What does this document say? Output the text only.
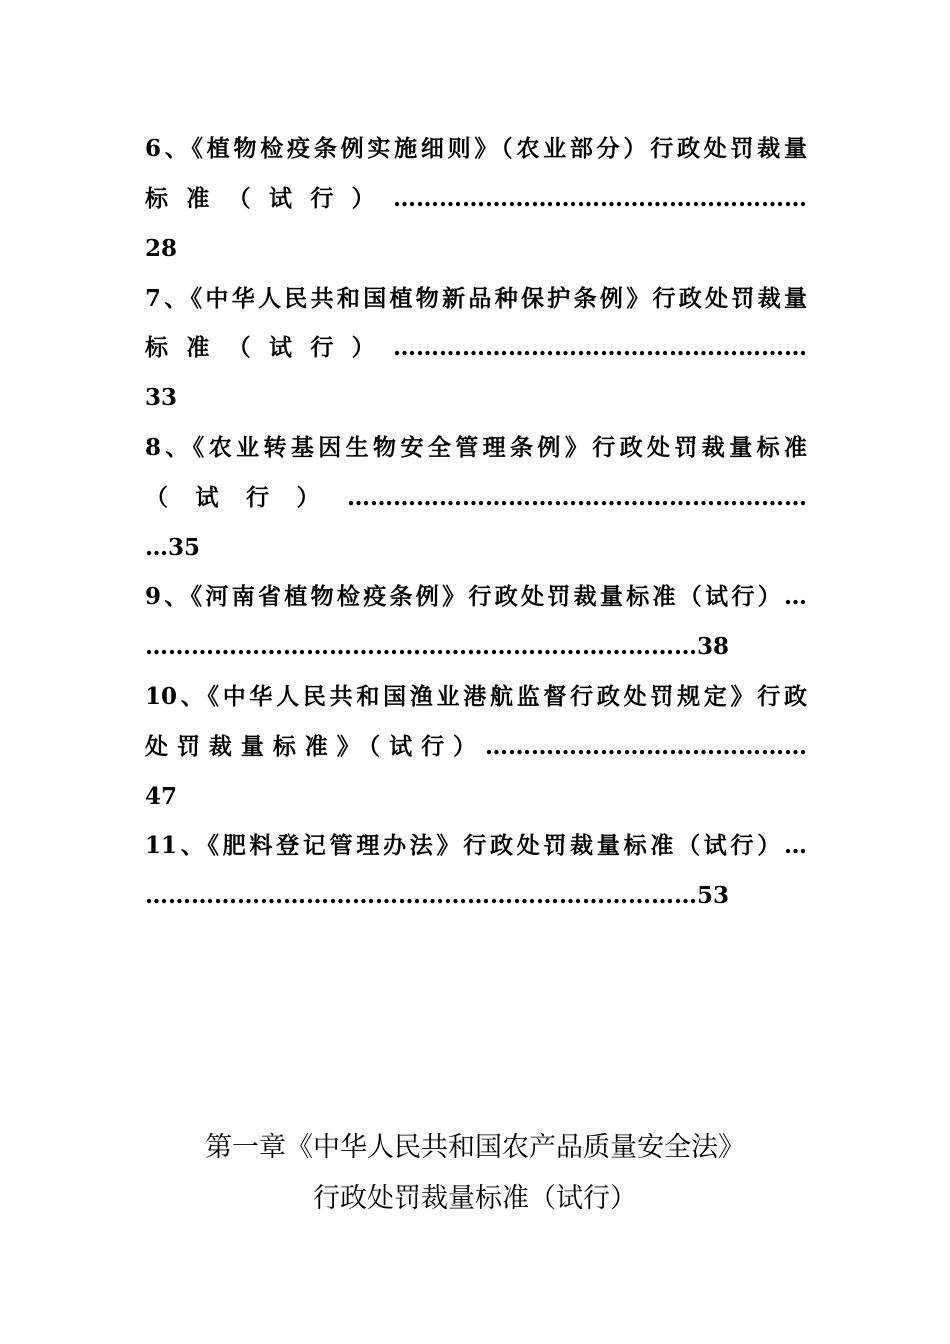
6、《植物检疫条例实施细则》（农业部分）行政处罚裁量
标准（试行）………………………………………………
28
7、《中华人民共和国植物新品种保护条例》行政处罚裁量
标准（试行）………………………………………………
33
8、《农业转基因生物安全管理条例》行政处罚裁量标准
（试行）……………………………………………………
…35
9、《河南省植物检疫条例》行政处罚裁量标准（试行）…
………………………………………………………………38
10、《中华人民共和国渔业港航监督行政处罚规定》行政
处罚裁量标准》（试行）……………………………………
47
11、《肥料登记管理办法》行政处罚裁量标准（试行）…
………………………………………………………………53
第一章《中华人民共和国农产品质量安全法》
行政处罚裁量标准（试行）
